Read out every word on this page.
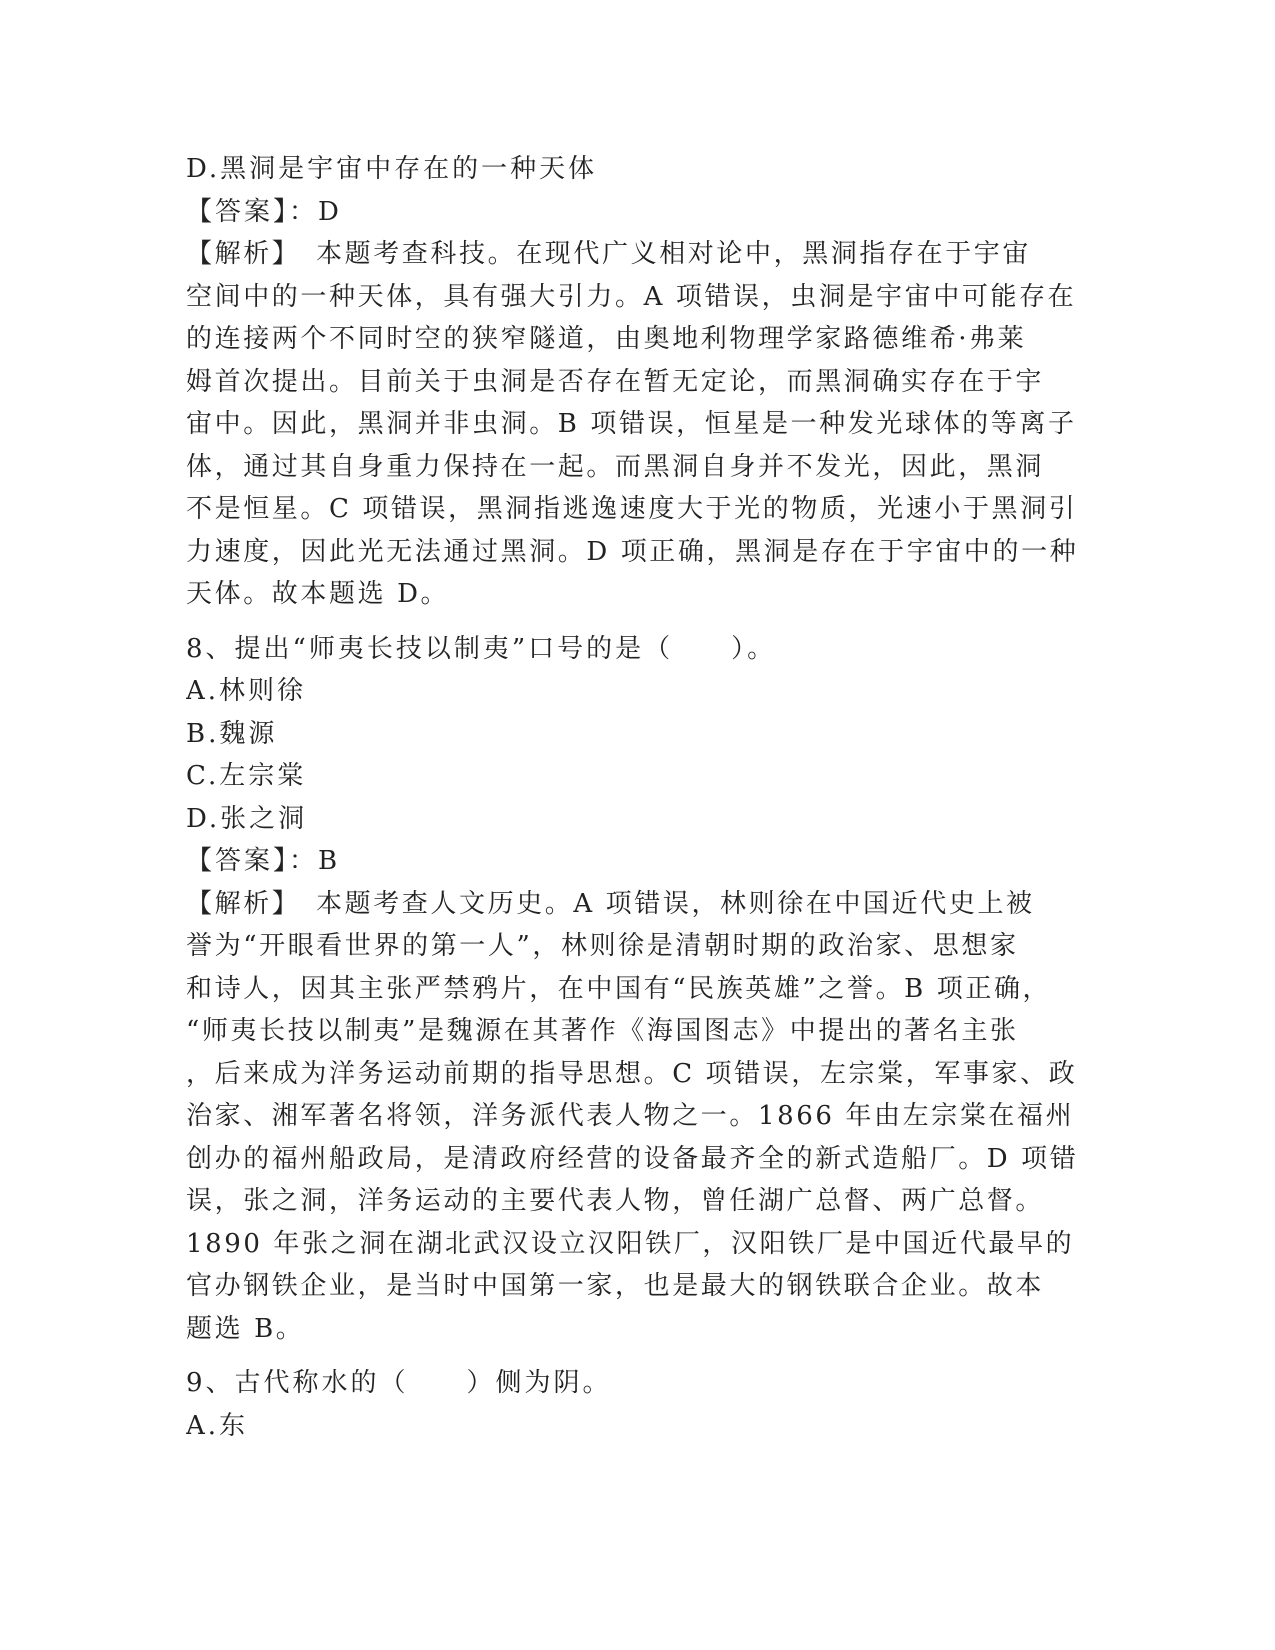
D.黑洞是宇宙中存在的一种天体
【答案】：D
【解析】　本题考查科技。在现代广义相对论中，黑洞指存在于宇宙
空间中的一种天体，具有强大引力。A 项错误，虫洞是宇宙中可能存在
的连接两个不同时空的狭窄隧道，由奥地利物理学家路德维希·弗莱
姆首次提出。目前关于虫洞是否存在暂无定论，而黑洞确实存在于宇
宙中。因此，黑洞并非虫洞。B 项错误，恒星是一种发光球体的等离子
体，通过其自身重力保持在一起。而黑洞自身并不发光，因此，黑洞
不是恒星。C 项错误，黑洞指逃逸速度大于光的物质，光速小于黑洞引
力速度，因此光无法通过黑洞。D 项正确，黑洞是存在于宇宙中的一种
天体。故本题选 D。
8、提出“师夷长技以制夷”口号的是（　　）。
A.林则徐
B.魏源
C.左宗棠
D.张之洞
【答案】：B
【解析】　本题考查人文历史。A 项错误，林则徐在中国近代史上被
誉为“开眼看世界的第一人”，林则徐是清朝时期的政治家、思想家
和诗人，因其主张严禁鸦片，在中国有“民族英雄”之誉。B 项正确，
“师夷长技以制夷”是魏源在其著作《海国图志》中提出的著名主张
，后来成为洋务运动前期的指导思想。C 项错误，左宗棠，军事家、政
治家、湘军著名将领，洋务派代表人物之一。1866 年由左宗棠在福州
创办的福州船政局，是清政府经营的设备最齐全的新式造船厂。D 项错
误，张之洞，洋务运动的主要代表人物，曾任湖广总督、两广总督。
1890 年张之洞在湖北武汉设立汉阳铁厂，汉阳铁厂是中国近代最早的
官办钢铁企业，是当时中国第一家，也是最大的钢铁联合企业。故本
题选 B。
9、古代称水的（　　）侧为阴。
A.东
